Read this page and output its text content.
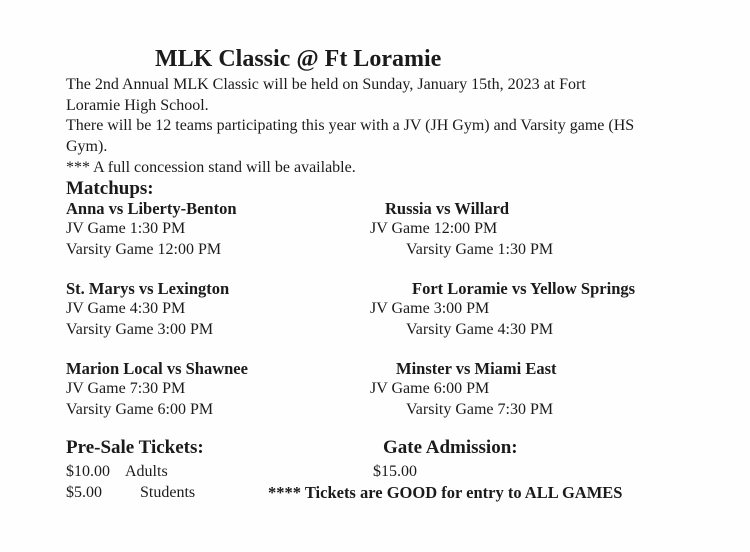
MLK Classic @ Ft Loramie
The 2nd Annual MLK Classic will be held on Sunday, January 15th, 2023 at Fort
Loramie High School.
There will be 12 teams participating this year with a JV (JH Gym) and Varsity game (HS
Gym).
*** A full concession stand will be available.
Matchups:
Anna vs Liberty-Benton
JV Game 1:30 PM
Varsity Game 12:00 PM
Russia vs Willard
JV Game 12:00 PM
Varsity Game 1:30 PM
St. Marys vs Lexington
JV Game 4:30 PM
Varsity Game 3:00 PM
Fort Loramie vs Yellow Springs
JV Game 3:00 PM
Varsity Game 4:30 PM
Marion Local vs Shawnee
JV Game 7:30 PM
Varsity Game 6:00 PM
Minster vs Miami East
JV Game 6:00 PM
Varsity Game 7:30 PM
Pre-Sale Tickets:	Gate Admission:
$10.00 Adults	$15.00
$5.00 Students	**** Tickets are GOOD for entry to ALL GAMES
